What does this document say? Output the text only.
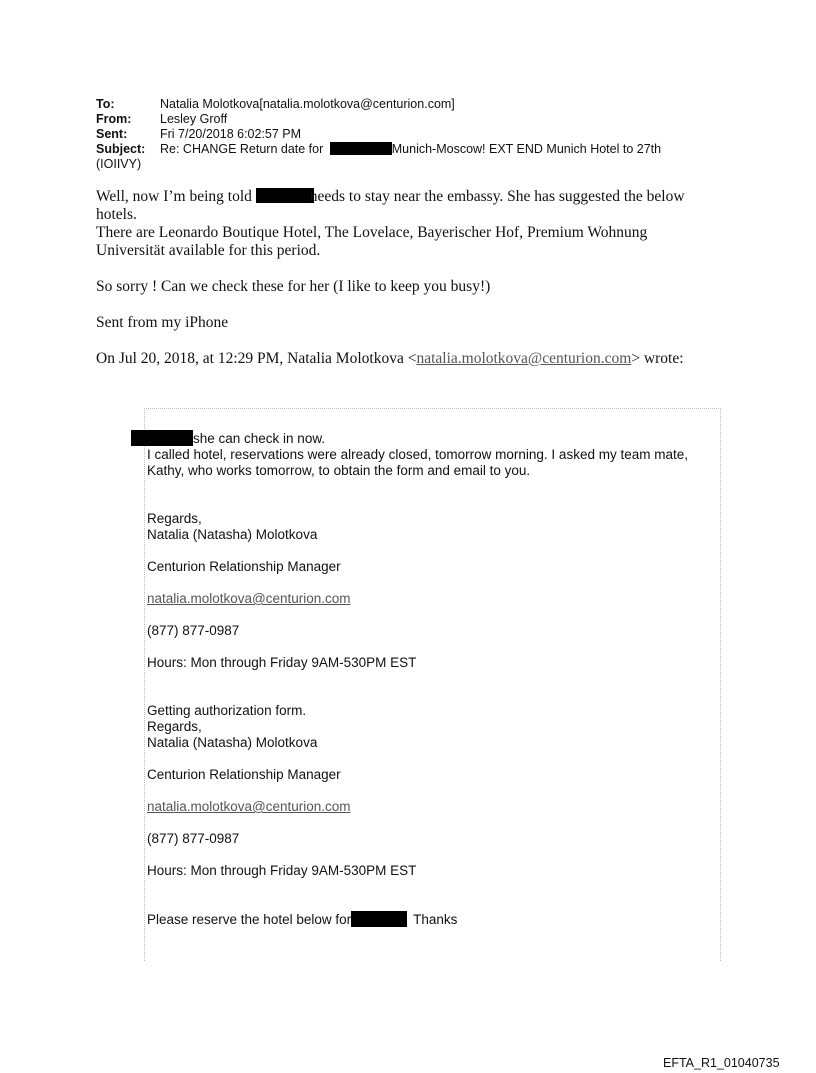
To:	Natalia Molotkova[natalia.molotkova@centurion.com]
From:	Lesley Groff
Sent:	Fri 7/20/2018 6:02:57 PM
Subject:	Re: CHANGE Return date for	Munich-Moscow! EXT END Munich Hotel to 27th
(IOIIVY)

Well, now I’m being told	needs to stay near the embassy. She has suggested the below

hotels.

There are Leonardo Boutique Hotel, The Lovelace, Bayerischer Hof, Premium Wohnung

Universität available for this period.

So sorry ! Can we check these for her (I like to keep you busy!)

Sent from my iPhone

On Jul 20, 2018, at 12:29 PM, Natalia Molotkova <natalia.molotkova@centurion.com> wrote:

she can check in now.

I called hotel, reservations were already closed, tomorrow morning. I asked my team mate,

Kathy, who works tomorrow, to obtain the form and email to you.

Regards,

Natalia (Natasha) Molotkova

Centurion Relationship Manager

natalia.molotkova@centurion.com

(877) 877-0987

Hours: Mon through Friday 9AM-530PM EST

Getting authorization form.

Regards,

Natalia (Natasha) Molotkova

Centurion Relationship Manager

natalia.molotkova@centurion.com

(877) 877-0987

Hours: Mon through Friday 9AM-530PM EST

Please reserve the hotel below for	Thanks

EFTA_R1_01040735
